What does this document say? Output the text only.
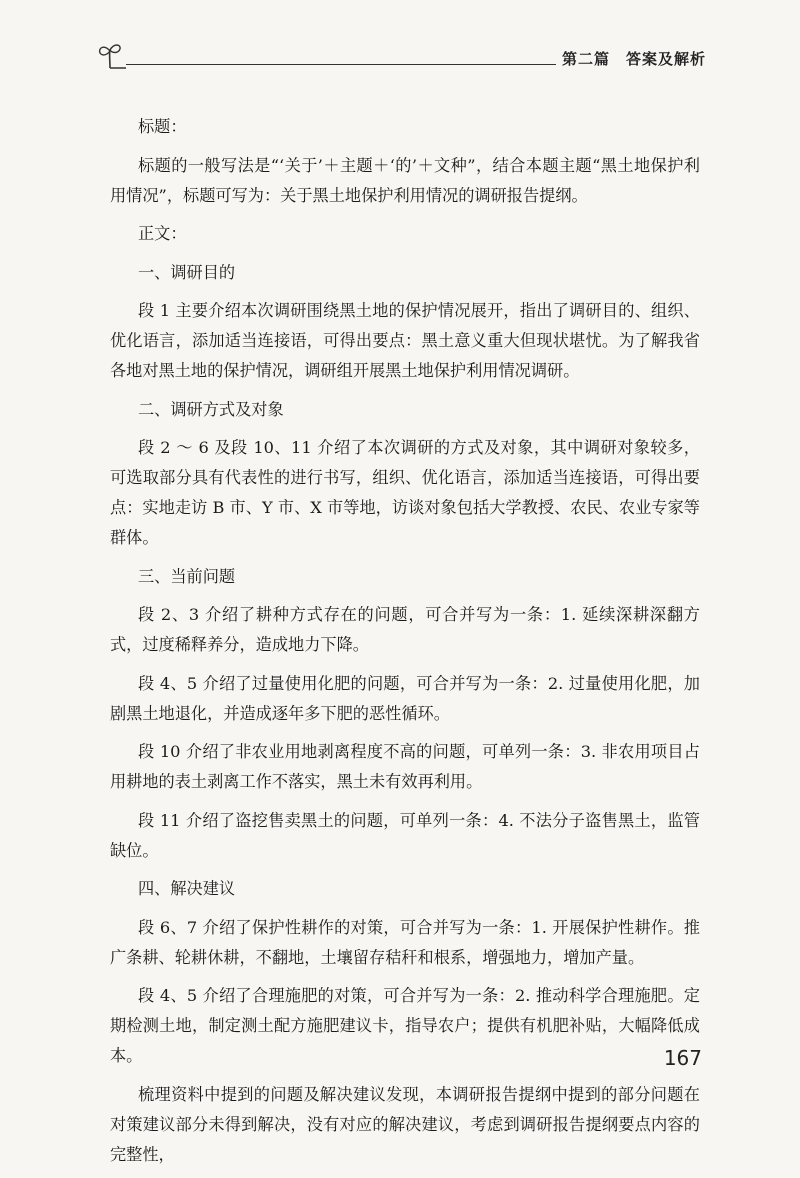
第二篇　答案及解析

标题：

标题的一般写法是“‘关于’＋主题＋‘的’＋文种”，结合本题主题“黑土地保护利用情况”，标题可写为：关于黑土地保护利用情况的调研报告提纲。

正文：

一、调研目的

段 1 主要介绍本次调研围绕黑土地的保护情况展开，指出了调研目的、组织、优化语言，添加适当连接语，可得出要点：黑土意义重大但现状堪忧。为了解我省各地对黑土地的保护情况，调研组开展黑土地保护利用情况调研。

二、调研方式及对象

段 2 ～ 6 及段 10、11 介绍了本次调研的方式及对象，其中调研对象较多，可选取部分具有代表性的进行书写，组织、优化语言，添加适当连接语，可得出要点：实地走访 B 市、Y 市、X 市等地，访谈对象包括大学教授、农民、农业专家等群体。

三、当前问题

段 2、3 介绍了耕种方式存在的问题，可合并写为一条：1. 延续深耕深翻方式，过度稀释养分，造成地力下降。

段 4、5 介绍了过量使用化肥的问题，可合并写为一条：2. 过量使用化肥，加剧黑土地退化，并造成逐年多下肥的恶性循环。

段 10 介绍了非农业用地剥离程度不高的问题，可单列一条：3. 非农用项目占用耕地的表土剥离工作不落实，黑土未有效再利用。

段 11 介绍了盗挖售卖黑土的问题，可单列一条：4. 不法分子盗售黑土，监管缺位。

四、解决建议

段 6、7 介绍了保护性耕作的对策，可合并写为一条：1. 开展保护性耕作。推广条耕、轮耕休耕，不翻地，土壤留存秸秆和根系，增强地力，增加产量。

段 4、5 介绍了合理施肥的对策，可合并写为一条：2. 推动科学合理施肥。定期检测土地，制定测土配方施肥建议卡，指导农户；提供有机肥补贴，大幅降低成本。

梳理资料中提到的问题及解决建议发现，本调研报告提纲中提到的部分问题在对策建议部分未得到解决，没有对应的解决建议，考虑到调研报告提纲要点内容的完整性，

167
